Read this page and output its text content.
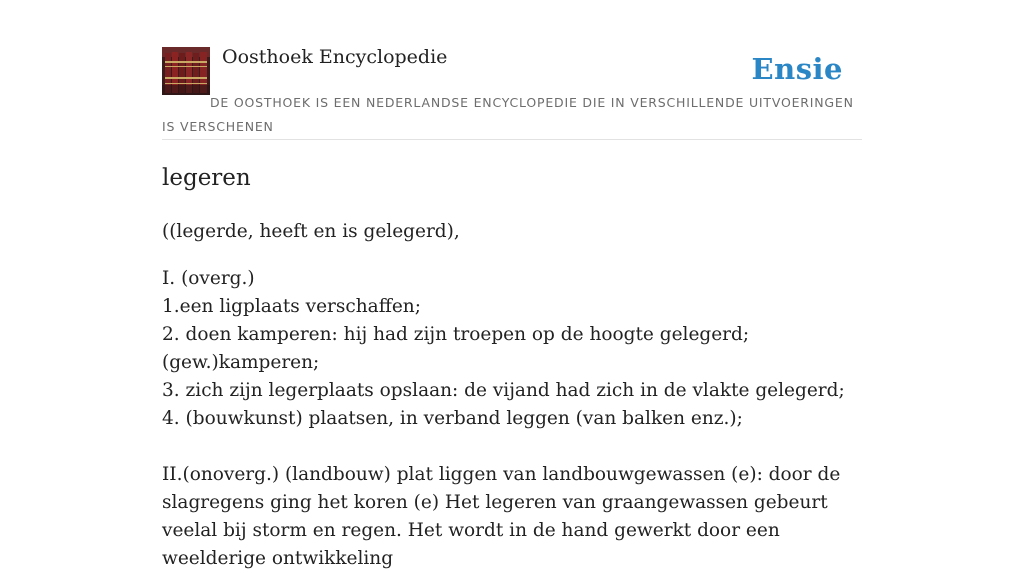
Oosthoek Encyclopedie	Ensie
DE OOSTHOEK IS EEN NEDERLANDSE ENCYCLOPEDIE DIE IN VERSCHILLENDE UITVOERINGEN IS VERSCHENEN
legeren

((legerde, heeft en is gelegerd),

I. (overg.)
1.een ligplaats verschaffen;
2. doen kamperen: hij had zijn troepen op de hoogte gelegerd; (gew.)kamperen;
3. zich zijn legerplaats opslaan: de vijand had zich in de vlakte gelegerd;
4. (bouwkunst) plaatsen, in verband leggen (van balken enz.);
II.(onoverg.) (landbouw) plat liggen van landbouwgewassen (e): door de slagregens ging het koren (e) Het legeren van graangewassen gebeurt veelal bij storm en regen. Het wordt in de hand gewerkt door een weelderige ontwikkeling
